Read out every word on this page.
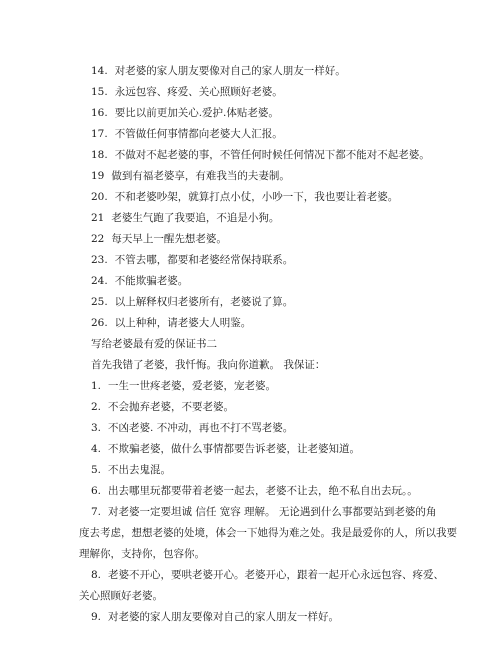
14. 对老婆的家人朋友要像对自己的家人朋友一样好。
15. 永远包容、疼爱、关心照顾好老婆。
16. 要比以前更加关心.爱护.体贴老婆。
17. 不管做任何事情都向老婆大人汇报。
18. 不做对不起老婆的事，不管任何时候任何情况下都不能对不起老婆。
19 做到有福老婆享，有难我当的夫妻制。
20. 不和老婆吵架，就算打点小仗，小吵一下，我也要让着老婆。
21 老婆生气跑了我要追，不追是小狗。
22 每天早上一醒先想老婆。
23. 不管去哪，都要和老婆经常保持联系。
24. 不能欺骗老婆。
25. 以上解释权归老婆所有，老婆说了算。
26. 以上种种，请老婆大人明鉴。
写给老婆最有爱的保证书二
首先我错了老婆，我忏悔。我向你道歉。 我保证：
1. 一生一世疼老婆，爱老婆，宠老婆。
2. 不会抛弃老婆，不要老婆。
3. 不凶老婆. 不冲动，再也不打不骂老婆。
4. 不欺骗老婆，做什么事情都要告诉老婆，让老婆知道。
5. 不出去鬼混。
6. 出去哪里玩都要带着老婆一起去，老婆不让去，绝不私自出去玩。。
7. 对老婆一定要坦诚 信任 宽容 理解。 无论遇到什么事都要站到老婆的角
度去考虑，想想老婆的处境，体会一下她得为难之处。我是最爱你的人，所以我要
理解你，支持你，包容你。
8. 老婆不开心，要哄老婆开心。老婆开心，跟着一起开心永远包容、疼爱、
关心照顾好老婆。
9. 对老婆的家人朋友要像对自己的家人朋友一样好。
